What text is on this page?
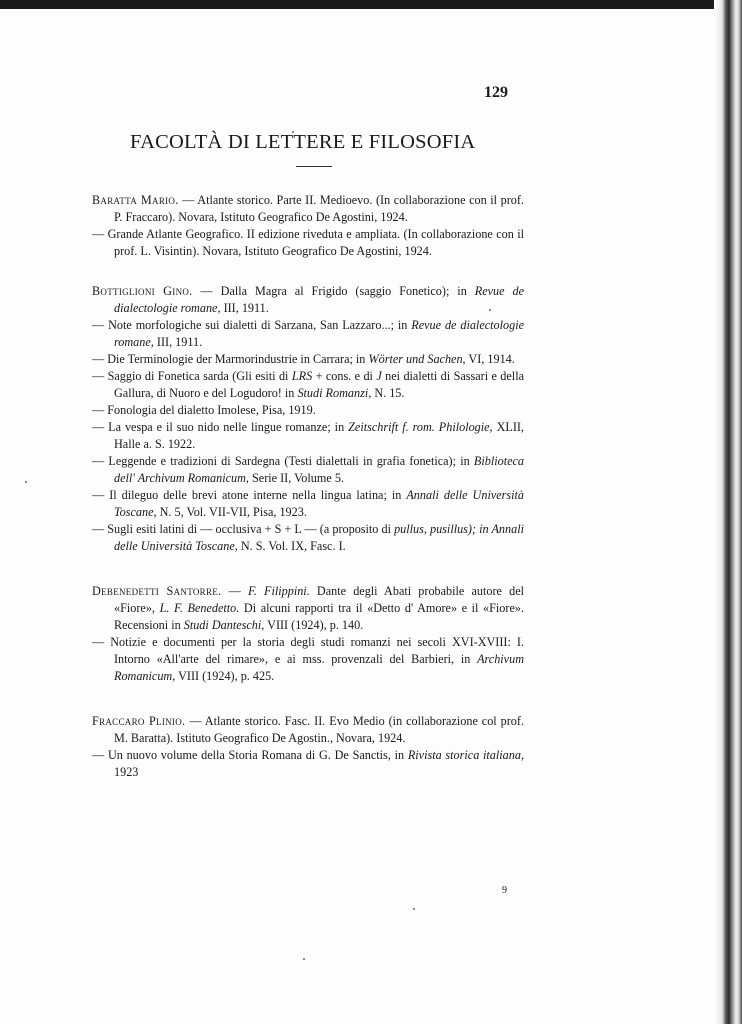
129
FACOLTÀ DI LETTERE E FILOSOFIA

Baratta Mario. — Atlante storico. Parte II. Medioevo. (In collaborazione con il prof. P. Fraccaro). Novara, Istituto Geografico De Agostini, 1924.

— Grande Atlante Geografico. II edizione riveduta e ampliata. (In collaborazione con il prof. L. Visintin). Novara, Istituto Geografico De Agostini, 1924.

Bottiglioni Gino. — Dalla Magra al Frigido (saggio Fonetico); in Revue de dialectologie romane, III, 1911.

— Note morfologiche sui dialetti di Sarzana, San Lazzaro...; in Revue de dialectologie romane, III, 1911.

— Die Terminologie der Marmorindustrie in Carrara; in Wörter und Sachen, VI, 1914.

— Saggio di Fonetica sarda (Gli esiti di LRS + cons. e di J nei dialetti di Sassari e della Gallura, di Nuoro e del Logudoro! in Studi Romanzi, N. 15.

— Fonologia del dialetto Imolese, Pisa, 1919.

— La vespa e il suo nido nelle lingue romanze; in Zeitschrift f. rom. Philologie, XLII, Halle a. S. 1922.

— Leggende e tradizioni di Sardegna (Testi dialettali in grafia fonetica); in Biblioteca dell' Archivum Romanicum, Serie II, Volume 5.

— Il dileguo delle brevi atone interne nella lingua latina; in Annali delle Università Toscane, N. 5, Vol. VII-VII, Pisa, 1923.

— Sugli esiti latini di — occlusiva + S + L — (a proposito di pullus, pusillus); in Annali delle Università Toscane, N. S. Vol. IX, Fasc. I.

Debenedetti Santorre. — F. Filippini. Dante degli Abati probabile autore del «Fiore», L. F. Benedetto. Di alcuni rapporti tra il «Detto d' Amore» e il «Fiore». Recensioni in Studi Danteschi, VIII (1924), p. 140.

— Notizie e documenti per la storia degli studi romanzi nei secoli XVI-XVIII: I. Intorno «All'arte del rimare», e ai mss. provenzali del Barbieri, in Archivum Romanicum, VIII (1924), p. 425.

Fraccaro Plinio. — Atlante storico. Fasc. II. Evo Medio (in collaborazione col prof. M. Baratta). Istituto Geografico De Agostin., Novara, 1924.

— Un nuovo volume della Storia Romana di G. De Sanctis, in Rivista storica italiana, 1923

9
